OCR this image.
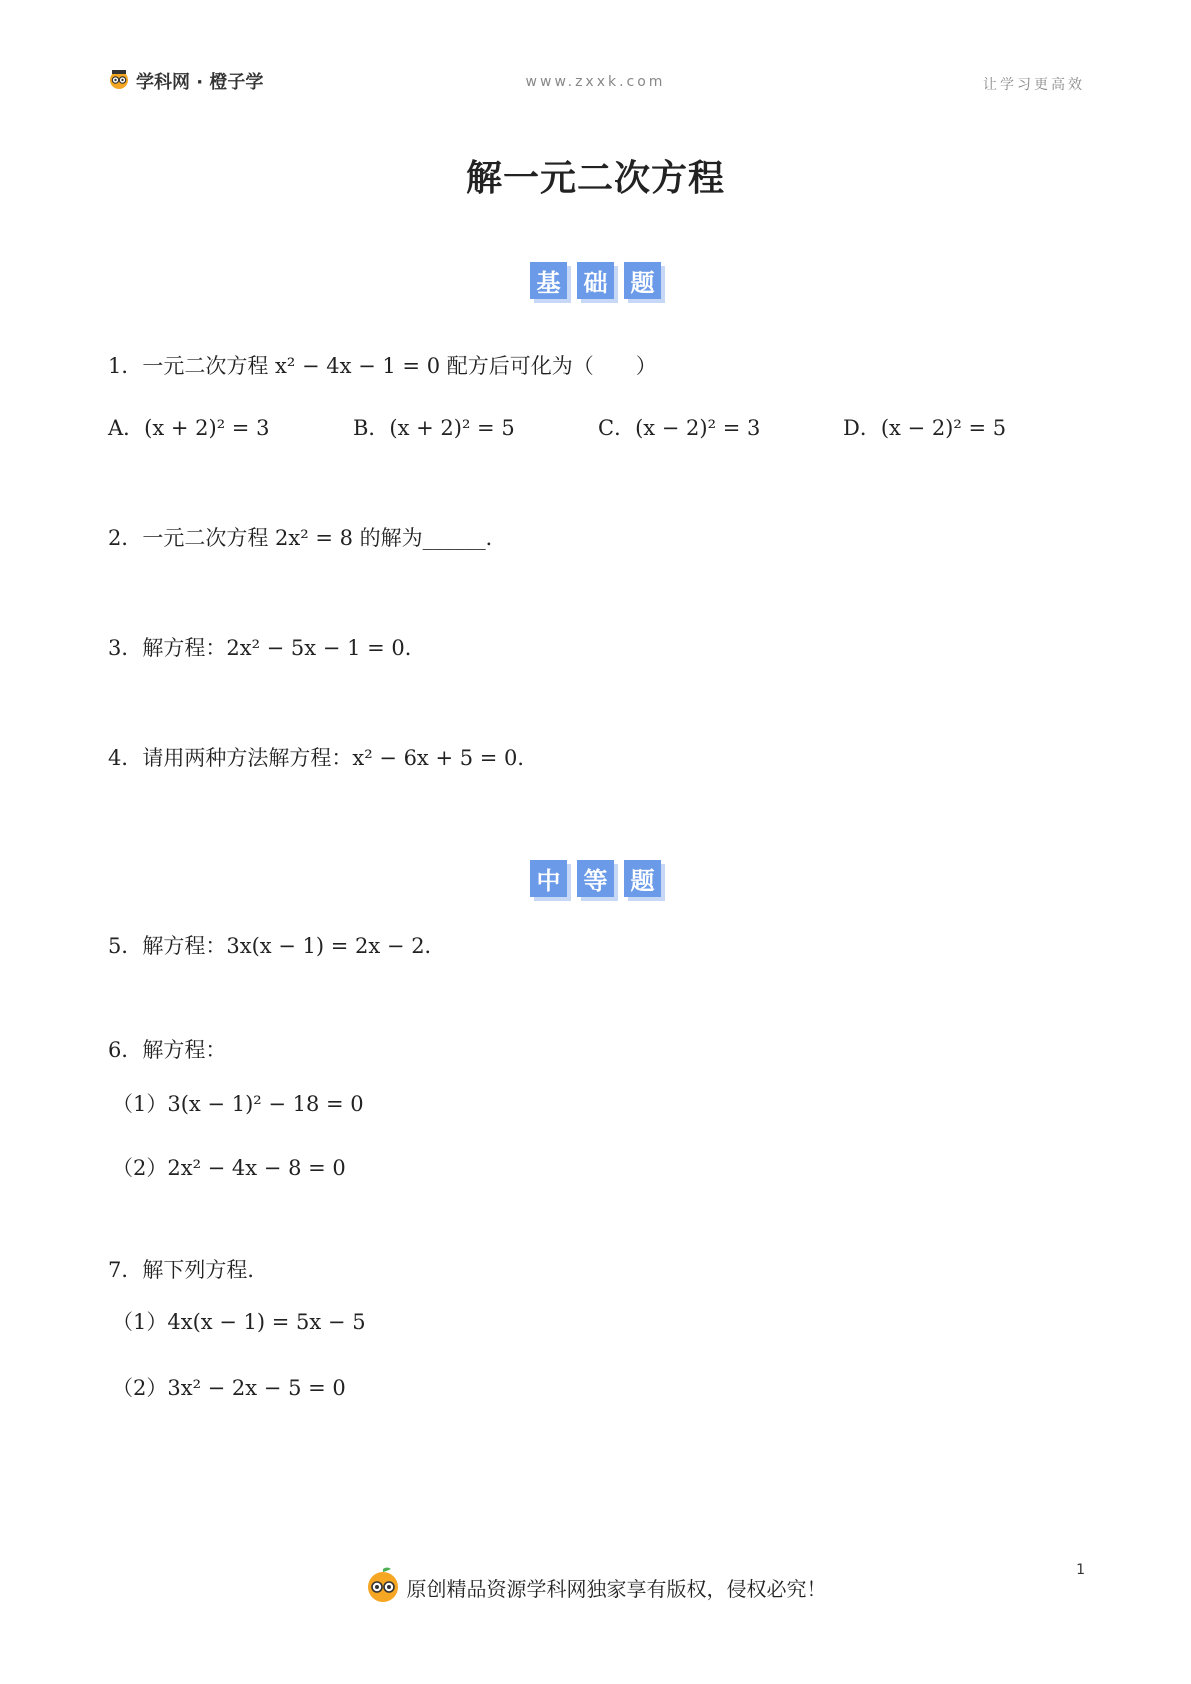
学科网 · 橙子学	www.zxxk.com	让学习更高效
解一元二次方程
基 础 题
1．一元二次方程 x² − 4x − 1 = 0 配方后可化为（　　）
A．(x + 2)² = 3	B．(x + 2)² = 5	C．(x − 2)² = 3	D．(x − 2)² = 5
2．一元二次方程 2x² = 8 的解为______．
3．解方程：2x² − 5x − 1 = 0．
4．请用两种方法解方程：x² − 6x + 5 = 0．
中 等 题
5．解方程：3x(x − 1) = 2x − 2．
6．解方程：
（1）3(x − 1)² − 18 = 0
（2）2x² − 4x − 8 = 0
7．解下列方程．
（1）4x(x − 1) = 5x − 5
（2）3x² − 2x − 5 = 0
原创精品资源学科网独家享有版权，侵权必究！
1
